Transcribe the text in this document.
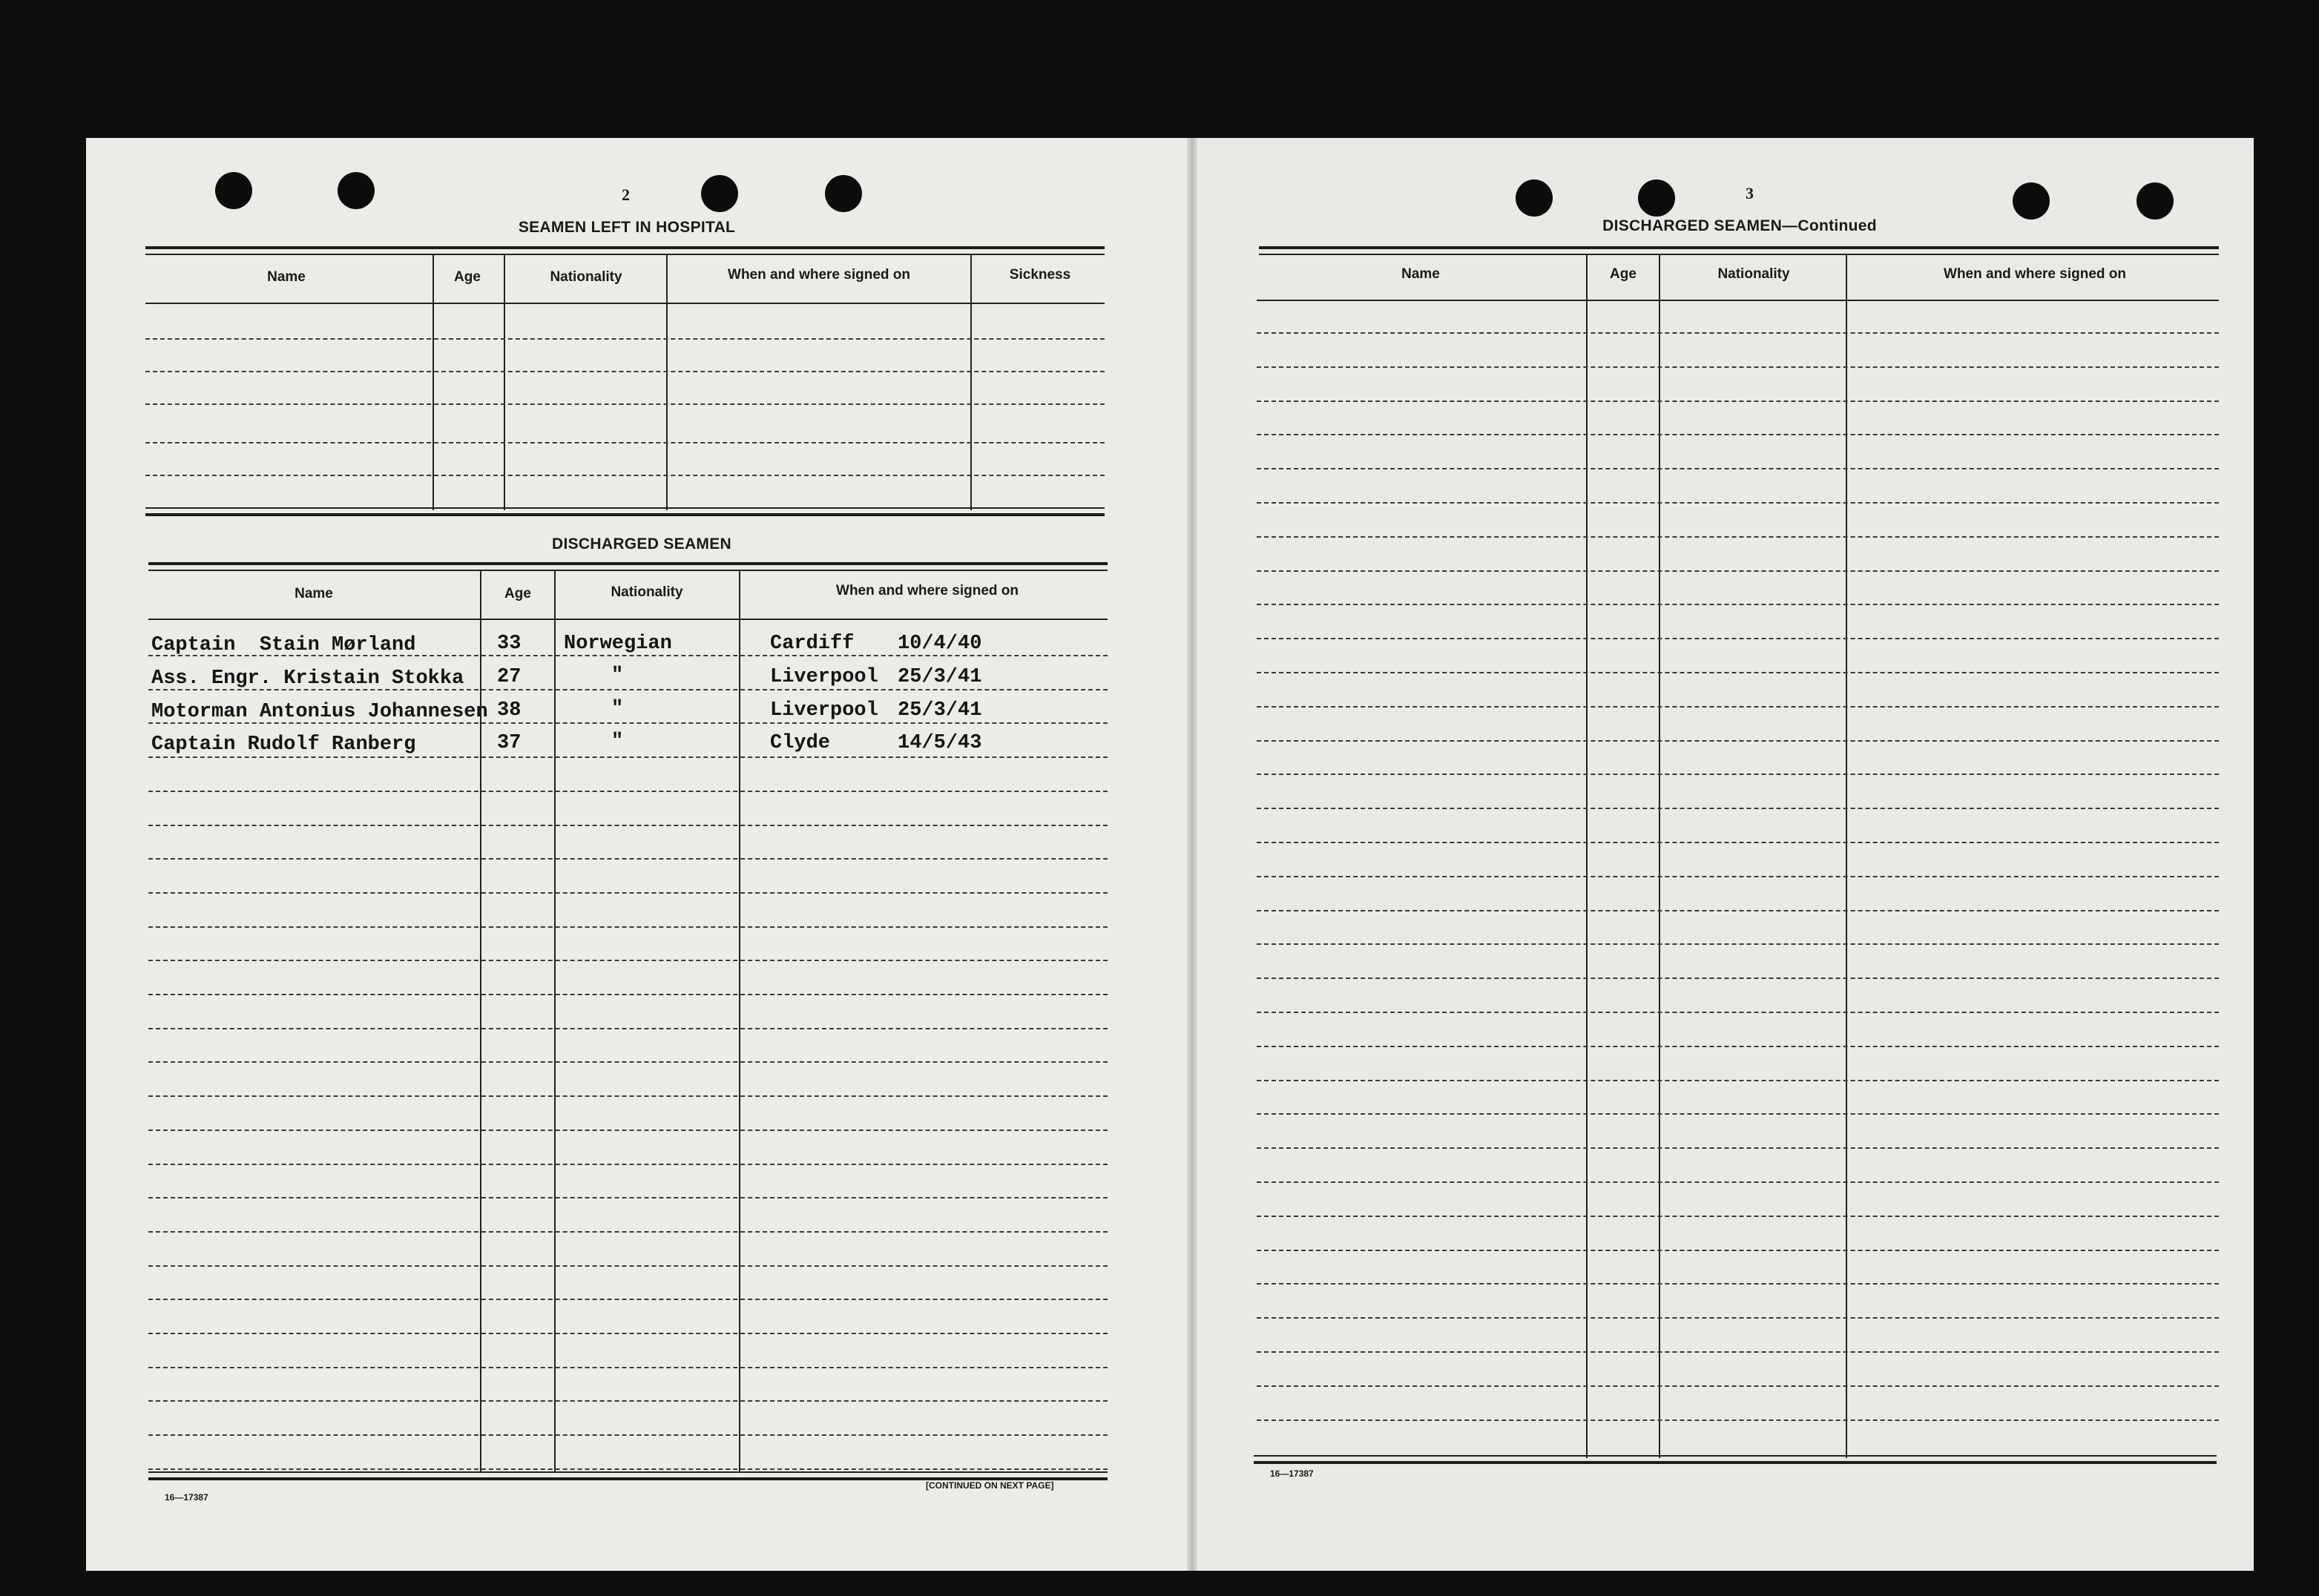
2
SEAMEN LEFT IN HOSPITAL
Name	Age	Nationality	When and where signed on	Sickness
DISCHARGED SEAMEN
Name	Age	Nationality	When and where signed on
Captain  Stain Mørland	33 Norwegian	Cardiff 10/4/40
Ass. Engr. Kristain Stokka 27	"	Liverpool 25/3/41
Motorman Antonius Johannesen 38	"	Liverpool 25/3/41
Captain Rudolf Ranberg	37	"	Clyde	14/5/43
16—17387
[CONTINUED ON NEXT PAGE]
3
DISCHARGED SEAMEN—Continued
Name	Age	Nationality	When and where signed on
16—17387
